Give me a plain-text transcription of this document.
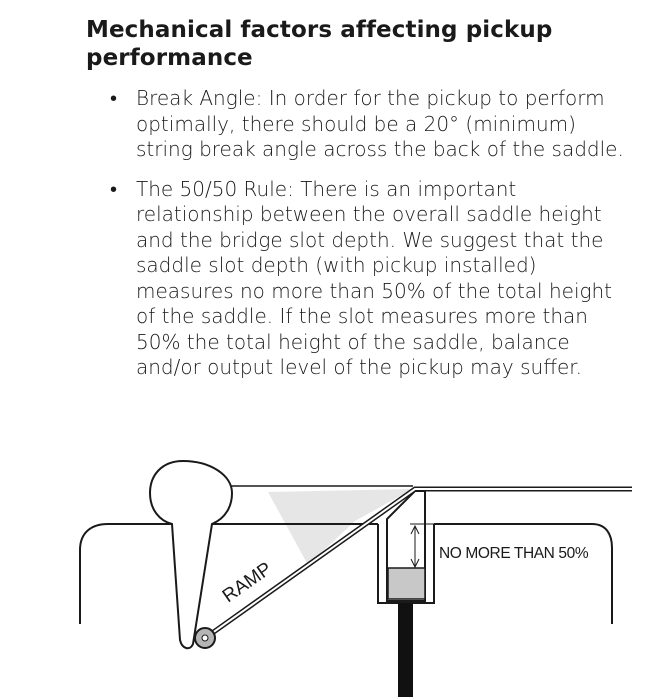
Mechanical factors affecting pickup performance
• Break Angle: In order for the pickup to perform optimally, there should be a 20° (minimum) string break angle across the back of the saddle.
• The 50/50 Rule: There is an important relationship between the overall saddle height and the bridge slot depth. We suggest that the saddle slot depth (with pickup installed) measures no more than 50% of the total height of the saddle. If the slot measures more than 50% the total height of the saddle, balance and/or output level of the pickup may suffer.
RAMP
NO MORE THAN 50%
